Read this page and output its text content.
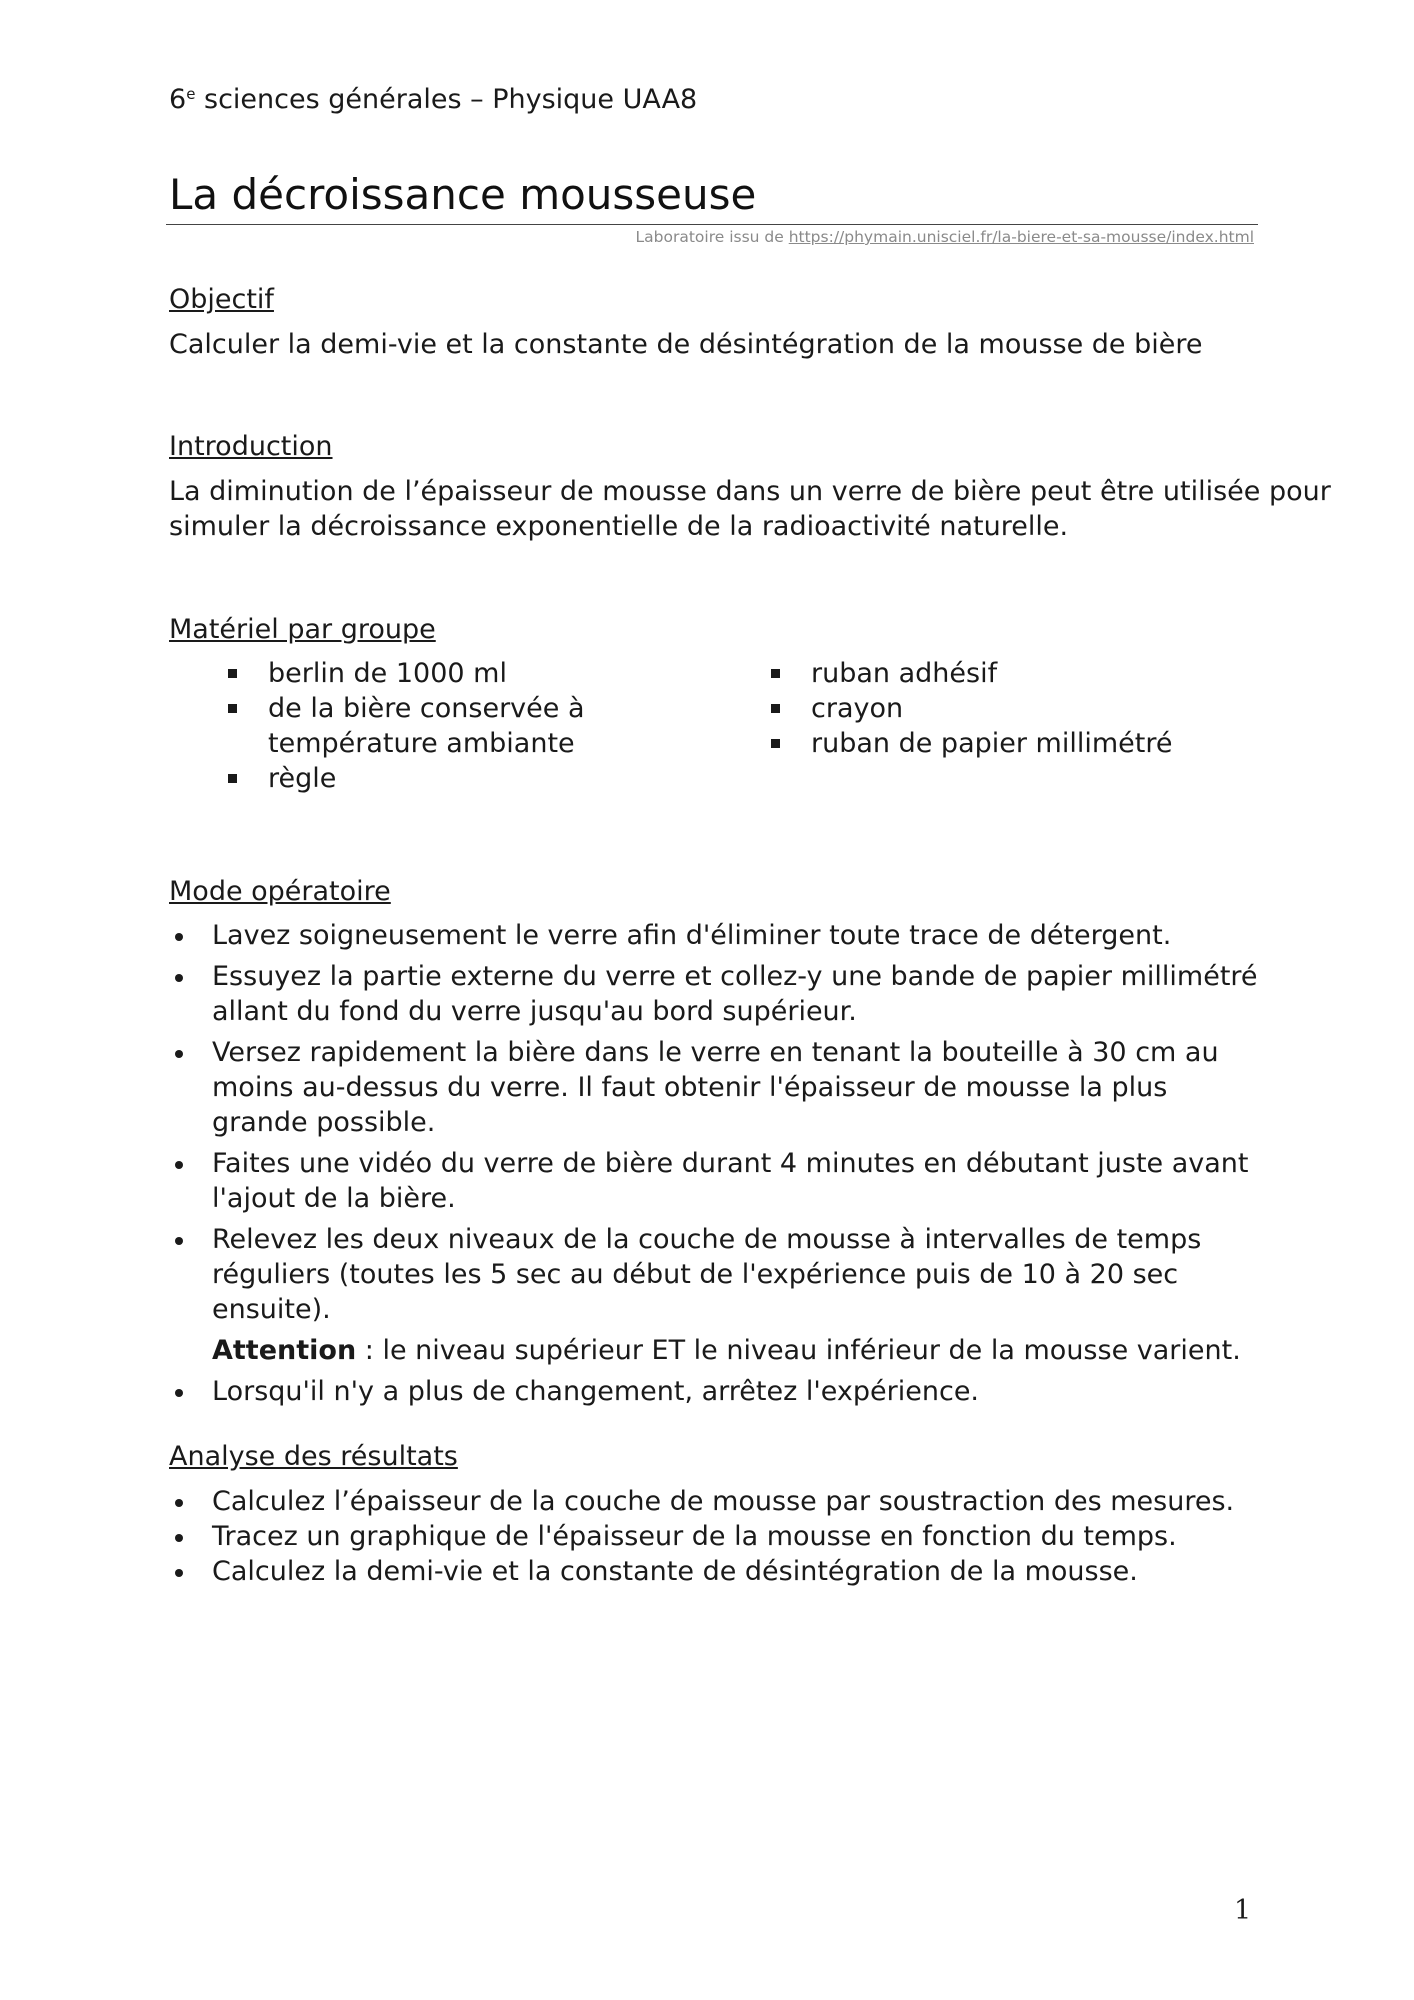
6e sciences générales – Physique UAA8
La décroissance mousseuse
Laboratoire issu de https://phymain.unisciel.fr/la-biere-et-sa-mousse/index.html
Objectif
Calculer la demi-vie et la constante de désintégration de la mousse de bière
Introduction
La diminution de l’épaisseur de mousse dans un verre de bière peut être utilisée pour
simuler la décroissance exponentielle de la radioactivité naturelle.
Matériel par groupe
berlin de 1000 ml
de la bière conservée à température ambiante
règle
ruban adhésif
crayon
ruban de papier millimétré
Mode opératoire
Lavez soigneusement le verre afin d'éliminer toute trace de détergent.
Essuyez la partie externe du verre et collez-y une bande de papier millimétré allant du fond du verre jusqu'au bord supérieur.
Versez rapidement la bière dans le verre en tenant la bouteille à 30 cm au moins au-dessus du verre. Il faut obtenir l'épaisseur de mousse la plus grande possible.
Faites une vidéo du verre de bière durant 4 minutes en débutant juste avant l'ajout de la bière.
Relevez les deux niveaux de la couche de mousse à intervalles de temps réguliers (toutes les 5 sec au début de l'expérience puis de 10 à 20 sec ensuite).
Attention : le niveau supérieur ET le niveau inférieur de la mousse varient.
Lorsqu'il n'y a plus de changement, arrêtez l'expérience.
Analyse des résultats
Calculez l’épaisseur de la couche de mousse par soustraction des mesures.
Tracez un graphique de l'épaisseur de la mousse en fonction du temps.
Calculez la demi-vie et la constante de désintégration de la mousse.
1
